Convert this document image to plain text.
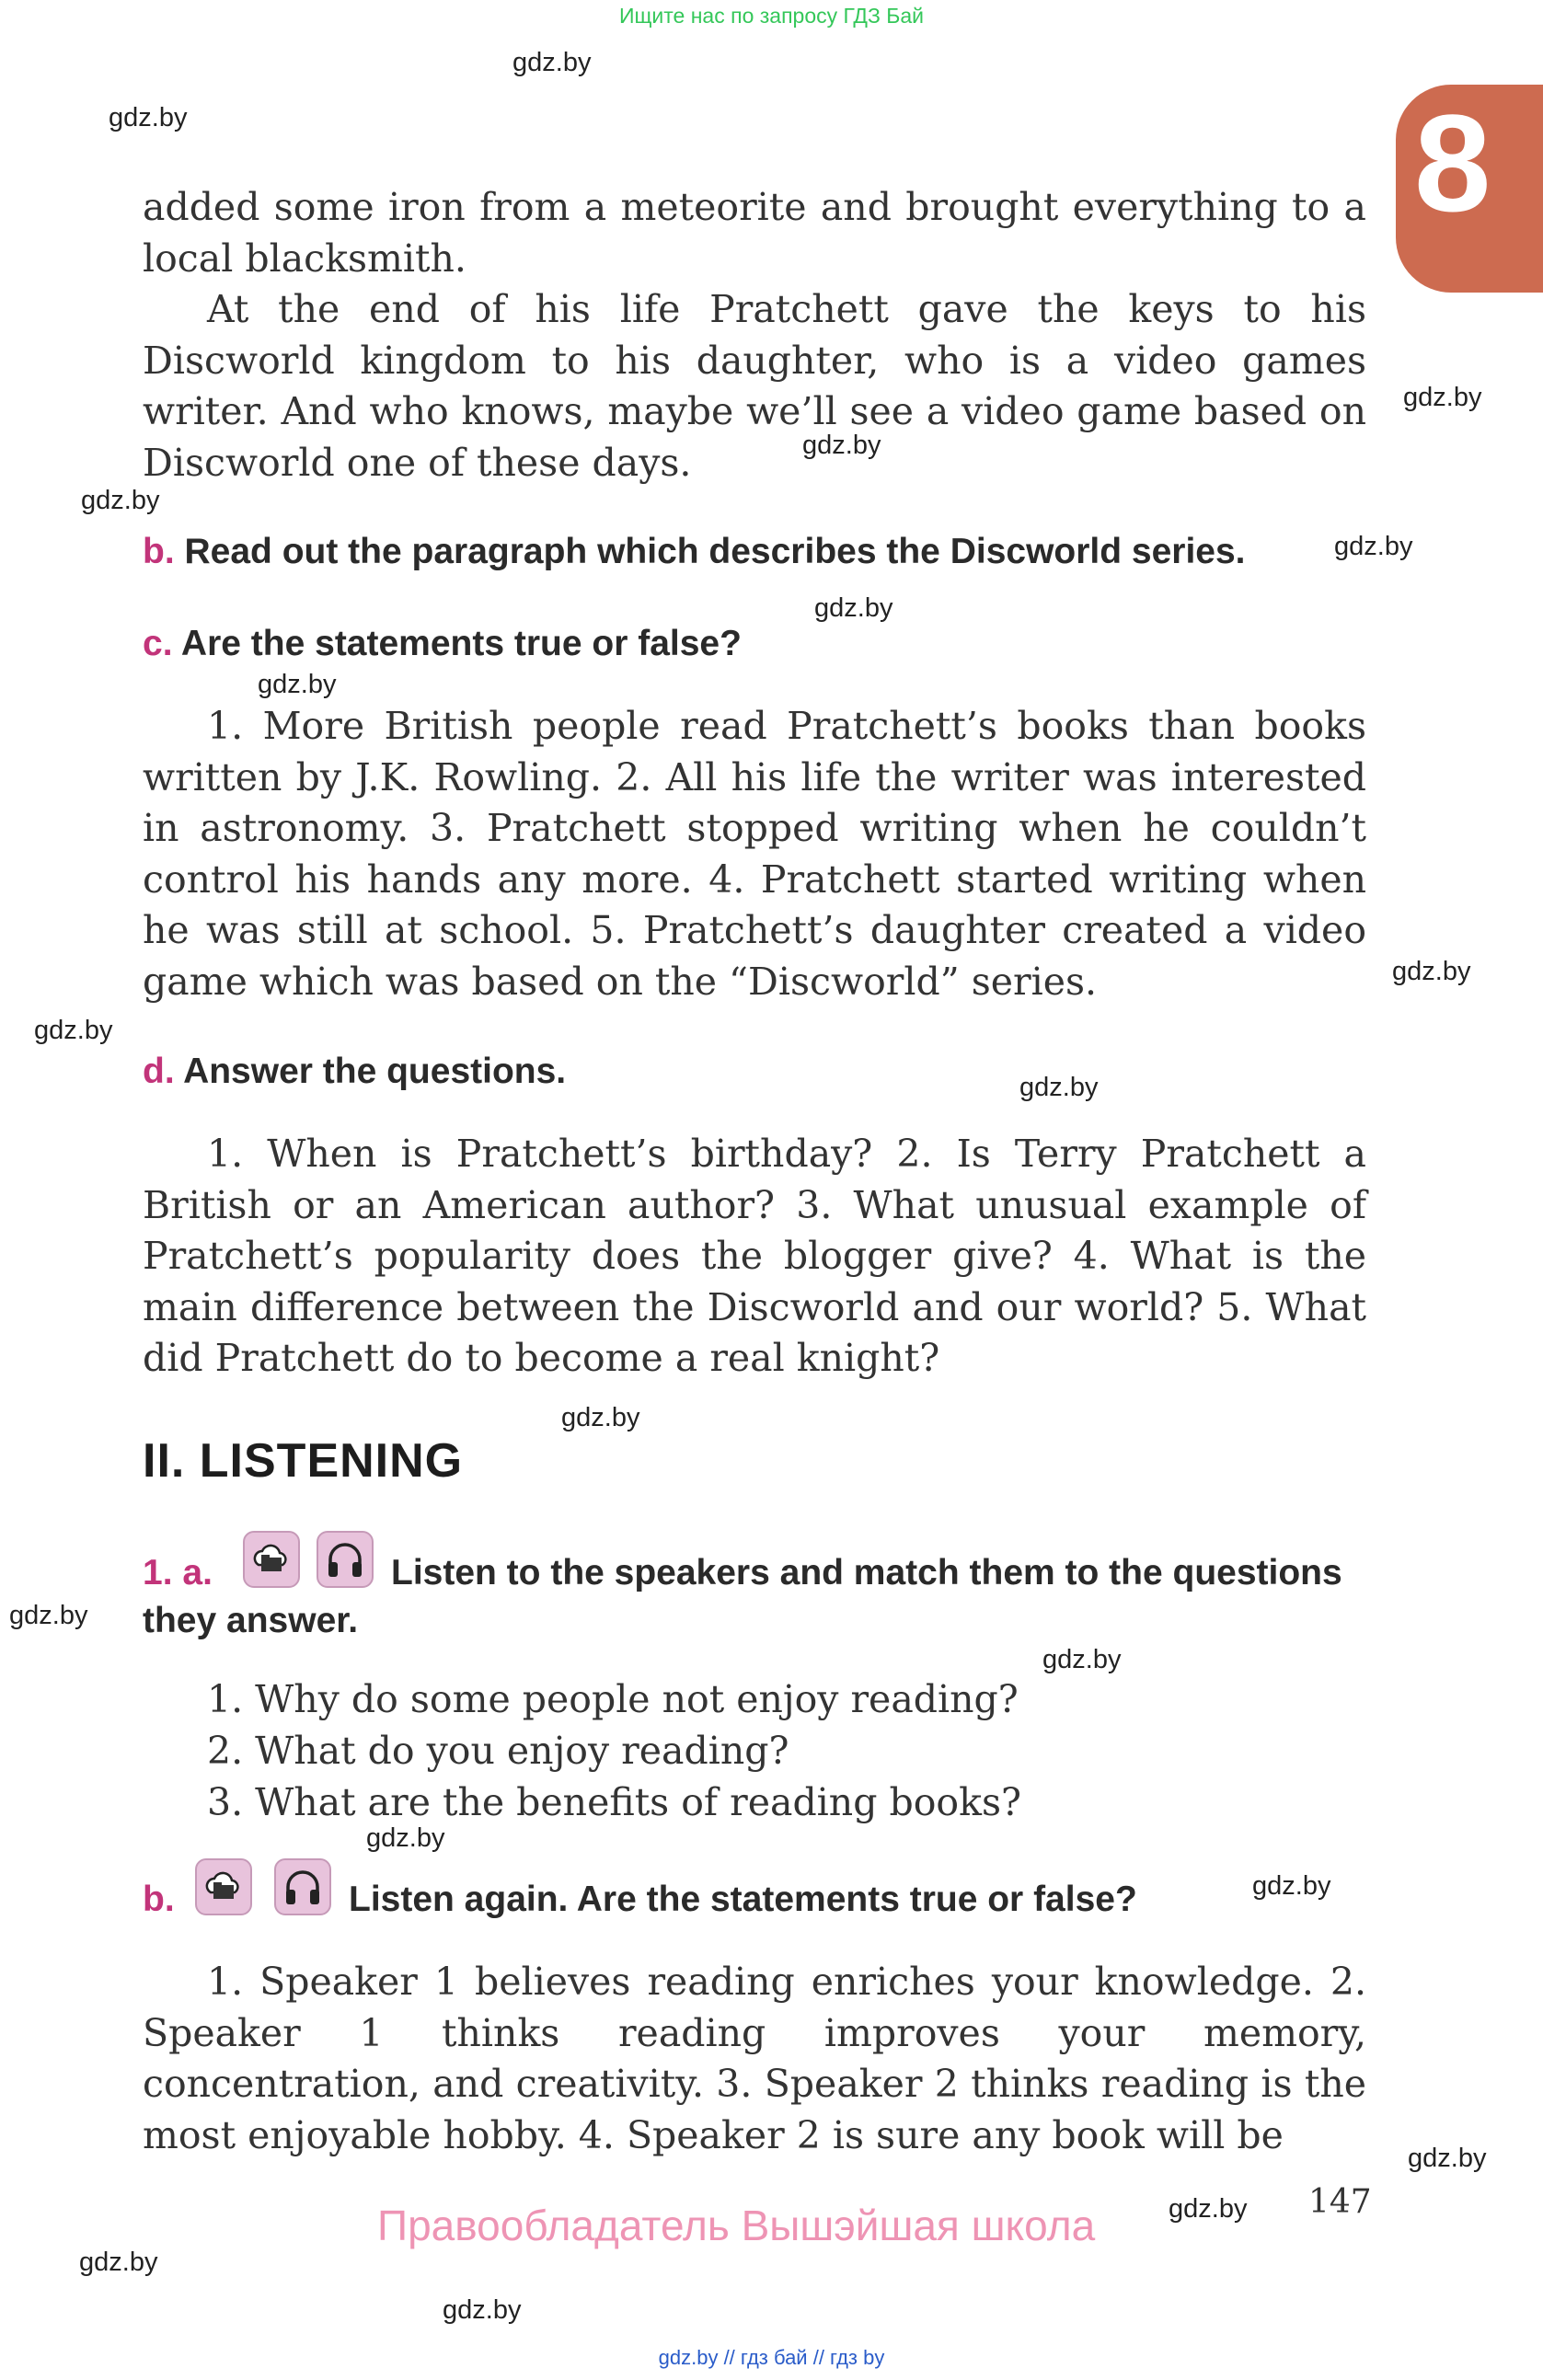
Ищите нас по запросу ГДЗ Бай
8
gdz.by
gdz.by
gdz.by
gdz.by
gdz.by
gdz.by
gdz.by
gdz.by
gdz.by
gdz.by
gdz.by
gdz.by
gdz.by
gdz.by
gdz.by
gdz.by
gdz.by
gdz.by
gdz.by
gdz.by

added some iron from a meteorite and brought everything to a local blacksmith.

At the end of his life Pratchett gave the keys to his Discworld kingdom to his daughter, who is a video games writer. And who knows, maybe we’ll see a video game based on Discworld one of these days.

b. Read out the paragraph which describes the Discworld series.
c. Are the statements true or false?

1. More British people read Pratchett’s books than books written by J.K. Rowling. 2. All his life the writer was interested in astronomy. 3. Pratchett stopped writing when he couldn’t control his hands any more. 4. Pratchett started writing when he was still at school. 5. Pratchett’s daughter created a video game which was based on the “Discworld” series.

d. Answer the questions.

1. When is Pratchett’s birthday? 2. Is Terry Pratchett a British or an American author? 3. What unusual example of Pratchett’s popularity does the blogger give? 4. What is the main difference between the Discworld and our world? 5. What did Pratchett do to become a real knight?

II. LISTENING
1. a.	Listen to the speakers and match them to the questions
they answer.
1. Why do some people not enjoy reading?
2. What do you enjoy reading?
3. What are the benefits of reading books?
b.	Listen again. Are the statements true or false?

1. Speaker 1 believes reading enriches your knowledge. 2. Speaker 1 thinks reading improves your memory, concentration, and creativity. 3. Speaker 2 thinks reading is the most enjoyable hobby. 4. Speaker 2 is sure any book will be

Правообладатель Вышэйшая школа	147
gdz.by // гдз бай // гдз by
